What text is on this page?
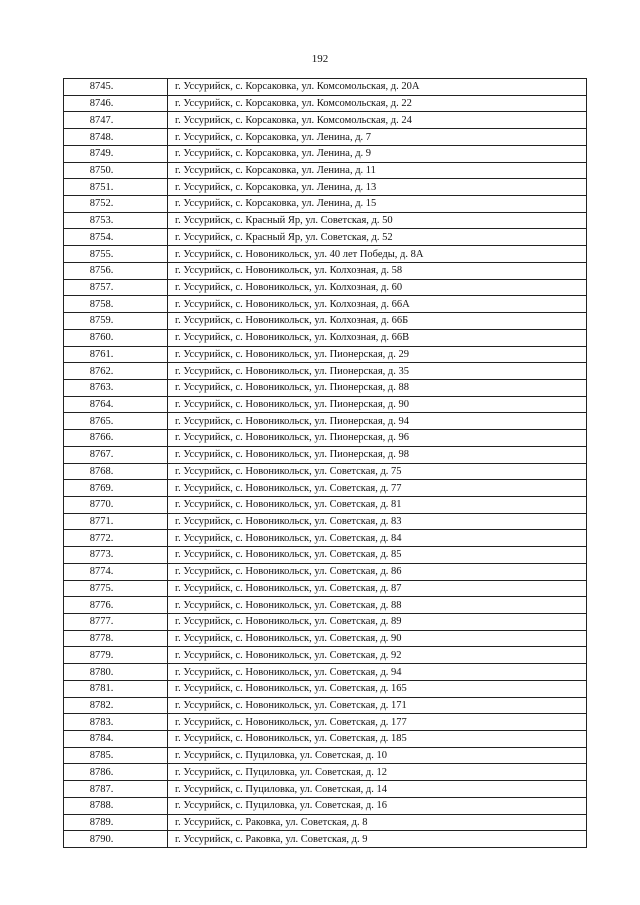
192
8745.	г. Уссурийск, с. Корсаковка, ул. Комсомольская, д. 20А
8746.	г. Уссурийск, с. Корсаковка, ул. Комсомольская, д. 22
8747.	г. Уссурийск, с. Корсаковка, ул. Комсомольская, д. 24
8748.	г. Уссурийск, с. Корсаковка, ул. Ленина, д. 7
8749.	г. Уссурийск, с. Корсаковка, ул. Ленина, д. 9
8750.	г. Уссурийск, с. Корсаковка, ул. Ленина, д. 11
8751.	г. Уссурийск, с. Корсаковка, ул. Ленина, д. 13
8752.	г. Уссурийск, с. Корсаковка, ул. Ленина, д. 15
8753.	г. Уссурийск, с. Красный Яр, ул. Советская, д. 50
8754.	г. Уссурийск, с. Красный Яр, ул. Советская, д. 52
8755.	г. Уссурийск, с. Новоникольск, ул. 40 лет Победы, д. 8А
8756.	г. Уссурийск, с. Новоникольск, ул. Колхозная, д. 58
8757.	г. Уссурийск, с. Новоникольск, ул. Колхозная, д. 60
8758.	г. Уссурийск, с. Новоникольск, ул. Колхозная, д. 66А
8759.	г. Уссурийск, с. Новоникольск, ул. Колхозная, д. 66Б
8760.	г. Уссурийск, с. Новоникольск, ул. Колхозная, д. 66В
8761.	г. Уссурийск, с. Новоникольск, ул. Пионерская, д. 29
8762.	г. Уссурийск, с. Новоникольск, ул. Пионерская, д. 35
8763.	г. Уссурийск, с. Новоникольск, ул. Пионерская, д. 88
8764.	г. Уссурийск, с. Новоникольск, ул. Пионерская, д. 90
8765.	г. Уссурийск, с. Новоникольск, ул. Пионерская, д. 94
8766.	г. Уссурийск, с. Новоникольск, ул. Пионерская, д. 96
8767.	г. Уссурийск, с. Новоникольск, ул. Пионерская, д. 98
8768.	г. Уссурийск, с. Новоникольск, ул. Советская, д. 75
8769.	г. Уссурийск, с. Новоникольск, ул. Советская, д. 77
8770.	г. Уссурийск, с. Новоникольск, ул. Советская, д. 81
8771.	г. Уссурийск, с. Новоникольск, ул. Советская, д. 83
8772.	г. Уссурийск, с. Новоникольск, ул. Советская, д. 84
8773.	г. Уссурийск, с. Новоникольск, ул. Советская, д. 85
8774.	г. Уссурийск, с. Новоникольск, ул. Советская, д. 86
8775.	г. Уссурийск, с. Новоникольск, ул. Советская, д. 87
8776.	г. Уссурийск, с. Новоникольск, ул. Советская, д. 88
8777.	г. Уссурийск, с. Новоникольск, ул. Советская, д. 89
8778.	г. Уссурийск, с. Новоникольск, ул. Советская, д. 90
8779.	г. Уссурийск, с. Новоникольск, ул. Советская, д. 92
8780.	г. Уссурийск, с. Новоникольск, ул. Советская, д. 94
8781.	г. Уссурийск, с. Новоникольск, ул. Советская, д. 165
8782.	г. Уссурийск, с. Новоникольск, ул. Советская, д. 171
8783.	г. Уссурийск, с. Новоникольск, ул. Советская, д. 177
8784.	г. Уссурийск, с. Новоникольск, ул. Советская, д. 185
8785.	г. Уссурийск, с. Пуциловка, ул. Советская, д. 10
8786.	г. Уссурийск, с. Пуциловка, ул. Советская, д. 12
8787.	г. Уссурийск, с. Пуциловка, ул. Советская, д. 14
8788.	г. Уссурийск, с. Пуциловка, ул. Советская, д. 16
8789.	г. Уссурийск, с. Раковка, ул. Советская, д. 8
8790.	г. Уссурийск, с. Раковка, ул. Советская, д. 9
